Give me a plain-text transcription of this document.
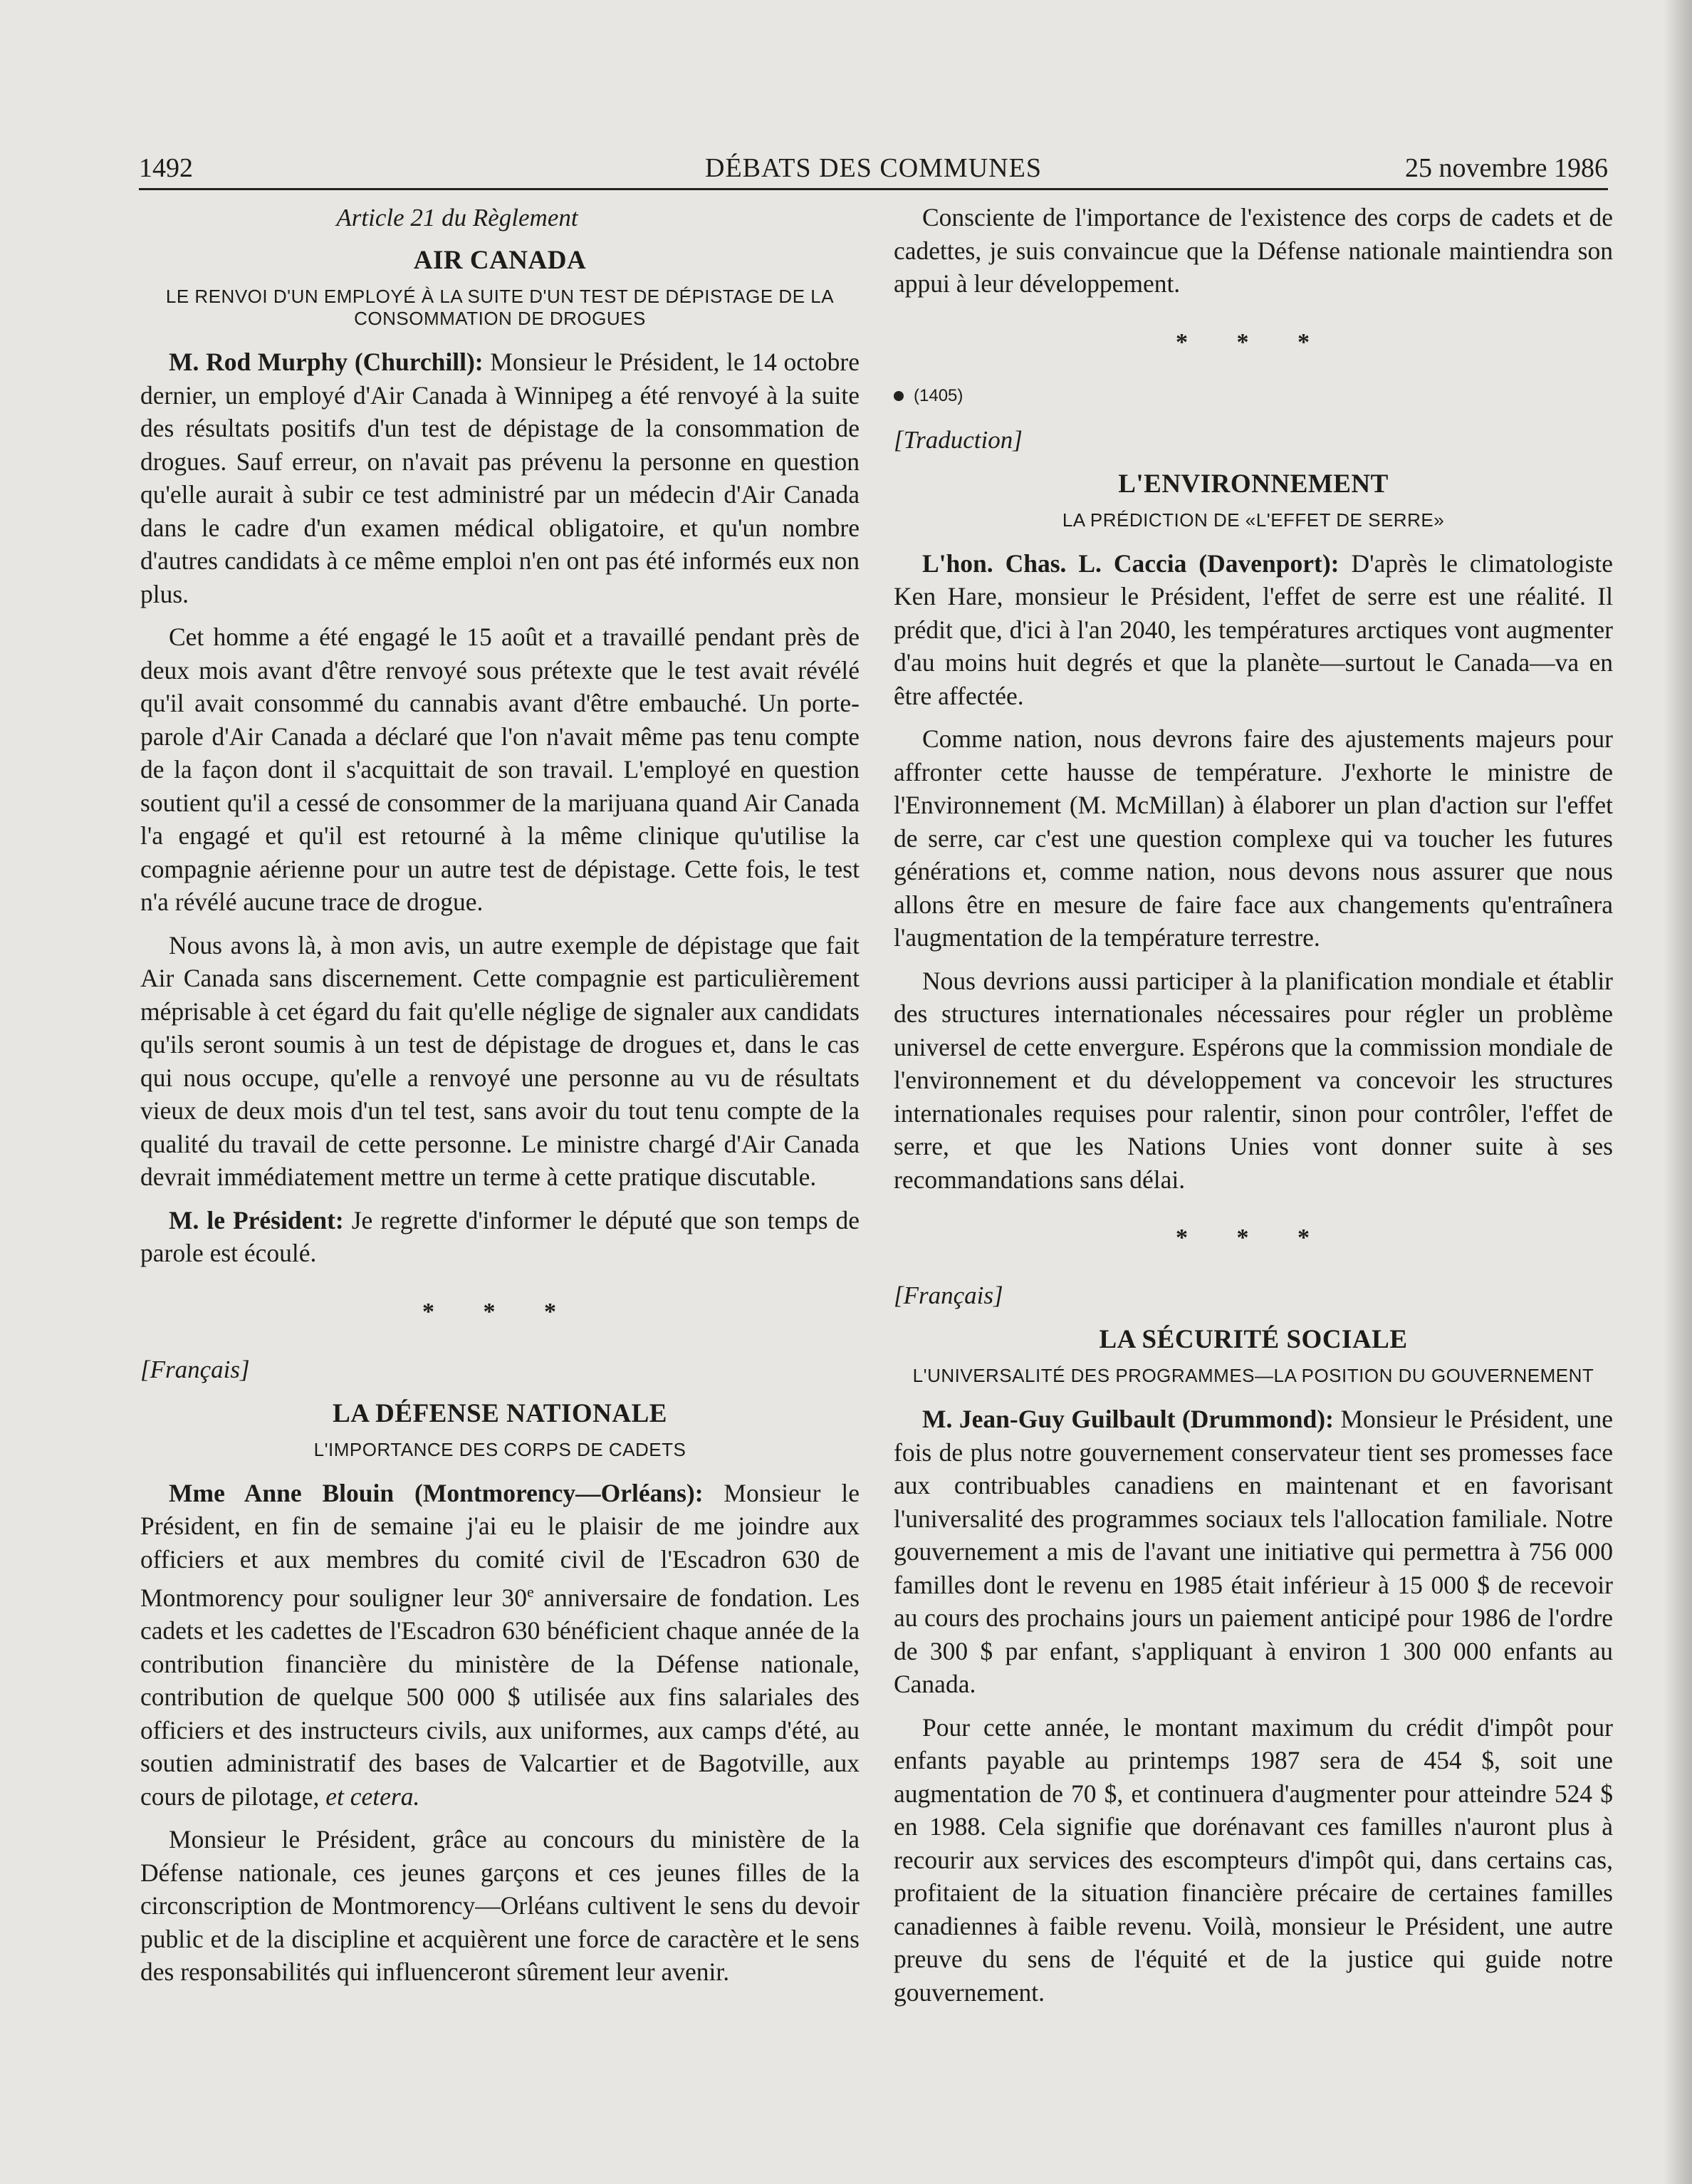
1492	DÉBATS DES COMMUNES	25 novembre 1986
Article 21 du Règlement
AIR CANADA
LE RENVOI D'UN EMPLOYÉ À LA SUITE D'UN TEST DE DÉPISTAGE DE LA CONSOMMATION DE DROGUES

M. Rod Murphy (Churchill): Monsieur le Président, le 14 octobre dernier, un employé d'Air Canada à Winnipeg a été renvoyé à la suite des résultats positifs d'un test de dépistage de la consommation de drogues. Sauf erreur, on n'avait pas prévenu la personne en question qu'elle aurait à subir ce test administré par un médecin d'Air Canada dans le cadre d'un examen médical obligatoire, et qu'un nombre d'autres candidats à ce même emploi n'en ont pas été informés eux non plus.

Cet homme a été engagé le 15 août et a travaillé pendant près de deux mois avant d'être renvoyé sous prétexte que le test avait révélé qu'il avait consommé du cannabis avant d'être embauché. Un porte-parole d'Air Canada a déclaré que l'on n'avait même pas tenu compte de la façon dont il s'acquittait de son travail. L'employé en question soutient qu'il a cessé de consommer de la marijuana quand Air Canada l'a engagé et qu'il est retourné à la même clinique qu'utilise la compagnie aérienne pour un autre test de dépistage. Cette fois, le test n'a révélé aucune trace de drogue.

Nous avons là, à mon avis, un autre exemple de dépistage que fait Air Canada sans discernement. Cette compagnie est particulièrement méprisable à cet égard du fait qu'elle néglige de signaler aux candidats qu'ils seront soumis à un test de dépistage de drogues et, dans le cas qui nous occupe, qu'elle a renvoyé une personne au vu de résultats vieux de deux mois d'un tel test, sans avoir du tout tenu compte de la qualité du travail de cette personne. Le ministre chargé d'Air Canada devrait immédiatement mettre un terme à cette pratique discutable.

M. le Président: Je regrette d'informer le député que son temps de parole est écoulé.

* * *
[Français]
LA DÉFENSE NATIONALE
L'IMPORTANCE DES CORPS DE CADETS

Mme Anne Blouin (Montmorency—Orléans): Monsieur le Président, en fin de semaine j'ai eu le plaisir de me joindre aux officiers et aux membres du comité civil de l'Escadron 630 de Montmorency pour souligner leur 30e anniversaire de fondation. Les cadets et les cadettes de l'Escadron 630 bénéficient chaque année de la contribution financière du ministère de la Défense nationale, contribution de quelque 500 000 $ utilisée aux fins salariales des officiers et des instructeurs civils, aux uniformes, aux camps d'été, au soutien administratif des bases de Valcartier et de Bagotville, aux cours de pilotage, et cetera.

Monsieur le Président, grâce au concours du ministère de la Défense nationale, ces jeunes garçons et ces jeunes filles de la circonscription de Montmorency—Orléans cultivent le sens du devoir public et de la discipline et acquièrent une force de caractère et le sens des responsabilités qui influenceront sûrement leur avenir.

Consciente de l'importance de l'existence des corps de cadets et de cadettes, je suis convaincue que la Défense nationale maintiendra son appui à leur développement.

* * *
(1405)
[Traduction]
L'ENVIRONNEMENT
LA PRÉDICTION DE «L'EFFET DE SERRE»

L'hon. Chas. L. Caccia (Davenport): D'après le climatologiste Ken Hare, monsieur le Président, l'effet de serre est une réalité. Il prédit que, d'ici à l'an 2040, les températures arctiques vont augmenter d'au moins huit degrés et que la planète—surtout le Canada—va en être affectée.

Comme nation, nous devrons faire des ajustements majeurs pour affronter cette hausse de température. J'exhorte le ministre de l'Environnement (M. McMillan) à élaborer un plan d'action sur l'effet de serre, car c'est une question complexe qui va toucher les futures générations et, comme nation, nous devons nous assurer que nous allons être en mesure de faire face aux changements qu'entraînera l'augmentation de la température terrestre.

Nous devrions aussi participer à la planification mondiale et établir des structures internationales nécessaires pour régler un problème universel de cette envergure. Espérons que la commission mondiale de l'environnement et du développement va concevoir les structures internationales requises pour ralentir, sinon pour contrôler, l'effet de serre, et que les Nations Unies vont donner suite à ses recommandations sans délai.

* * *
[Français]
LA SÉCURITÉ SOCIALE
L'UNIVERSALITÉ DES PROGRAMMES—LA POSITION DU GOUVERNEMENT

M. Jean-Guy Guilbault (Drummond): Monsieur le Président, une fois de plus notre gouvernement conservateur tient ses promesses face aux contribuables canadiens en maintenant et en favorisant l'universalité des programmes sociaux tels l'allocation familiale. Notre gouvernement a mis de l'avant une initiative qui permettra à 756 000 familles dont le revenu en 1985 était inférieur à 15 000 $ de recevoir au cours des prochains jours un paiement anticipé pour 1986 de l'ordre de 300 $ par enfant, s'appliquant à environ 1 300 000 enfants au Canada.

Pour cette année, le montant maximum du crédit d'impôt pour enfants payable au printemps 1987 sera de 454 $, soit une augmentation de 70 $, et continuera d'augmenter pour atteindre 524 $ en 1988. Cela signifie que dorénavant ces familles n'auront plus à recourir aux services des escompteurs d'impôt qui, dans certains cas, profitaient de la situation financière précaire de certaines familles canadiennes à faible revenu. Voilà, monsieur le Président, une autre preuve du sens de l'équité et de la justice qui guide notre gouvernement.
